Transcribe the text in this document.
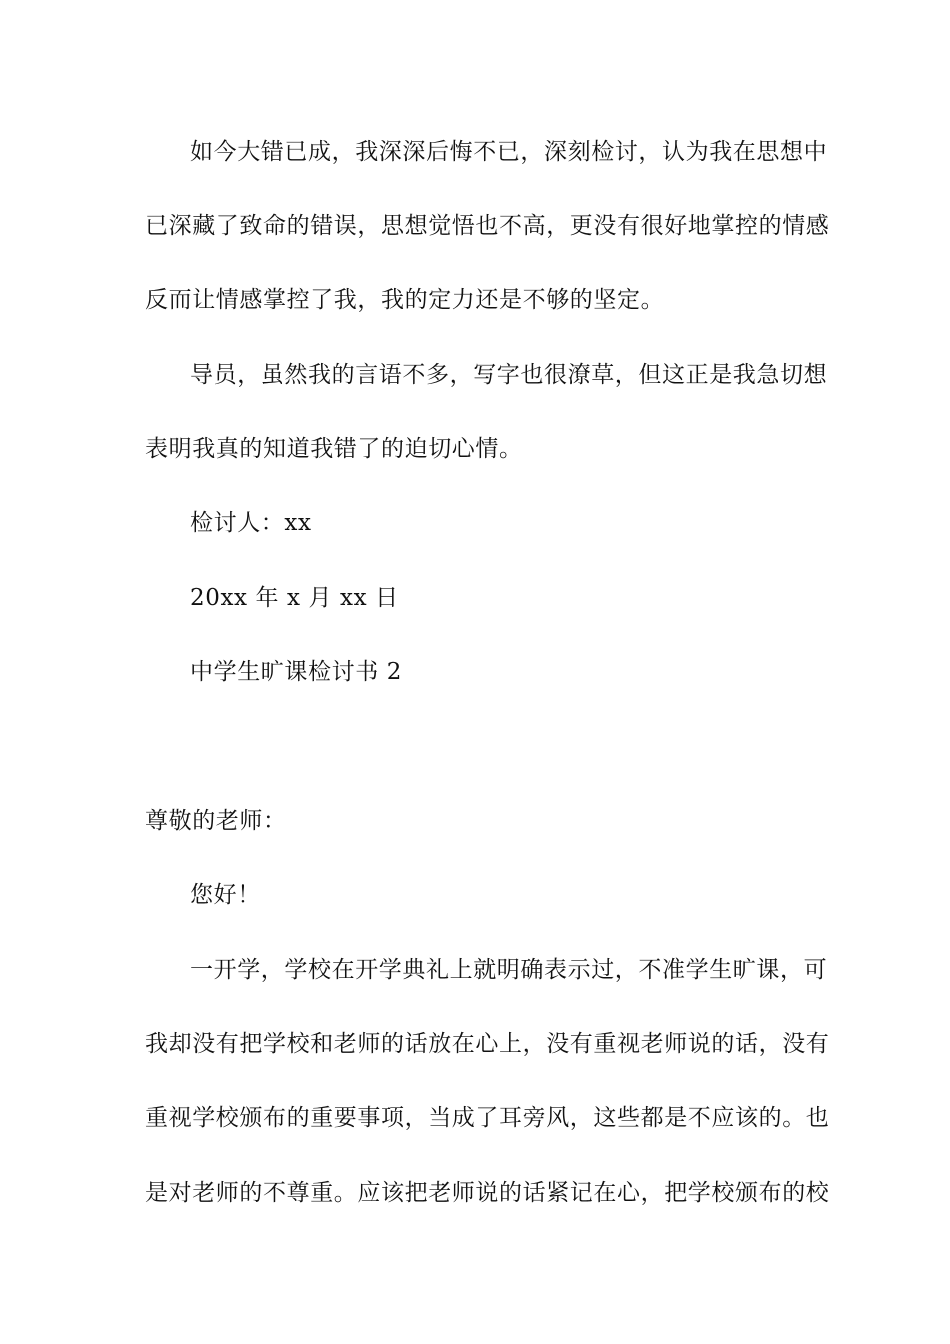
如今大错已成，我深深后悔不已，深刻检讨，认为我在思想中
已深藏了致命的错误，思想觉悟也不高，更没有很好地掌控的情感
反而让情感掌控了我，我的定力还是不够的坚定。
导员，虽然我的言语不多，写字也很潦草，但这正是我急切想
表明我真的知道我错了的迫切心情。
检讨人：xx
20xx 年 x 月 xx 日
中学生旷课检讨书 2
尊敬的老师：
您好！
一开学，学校在开学典礼上就明确表示过，不准学生旷课，可
我却没有把学校和老师的话放在心上，没有重视老师说的话，没有
重视学校颁布的重要事项，当成了耳旁风，这些都是不应该的。也
是对老师的不尊重。应该把老师说的话紧记在心，把学校颁布的校
